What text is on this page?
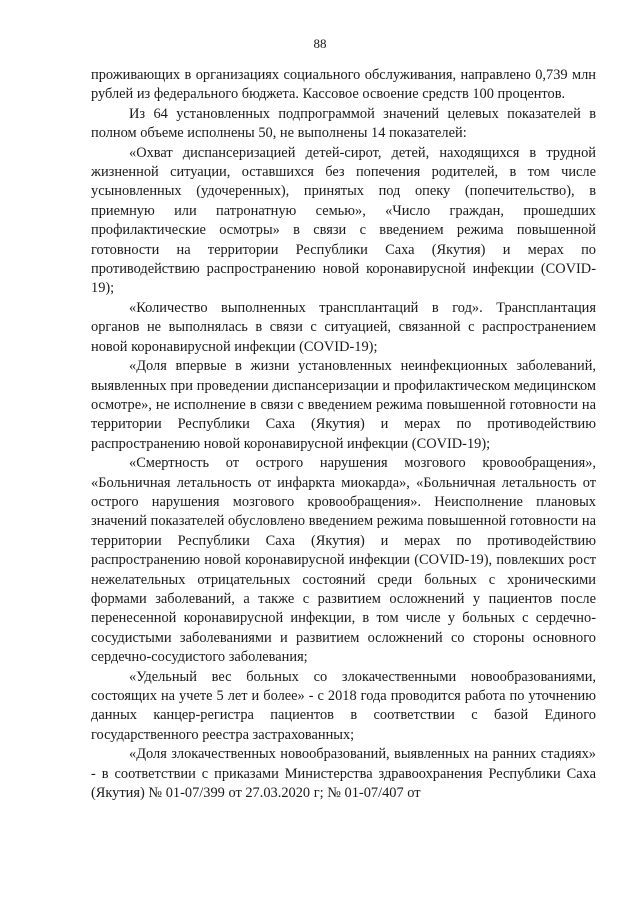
88

проживающих в организациях социального обслуживания, направлено 0,739 млн рублей из федерального бюджета. Кассовое освоение средств 100 процентов.

Из 64 установленных подпрограммой значений целевых показателей в полном объеме исполнены 50, не выполнены 14 показателей:

«Охват диспансеризацией детей-сирот, детей, находящихся в трудной жизненной ситуации, оставшихся без попечения родителей, в том числе усыновленных (удочеренных), принятых под опеку (попечительство), в приемную или патронатную семью», «Число граждан, прошедших профилактические осмотры» в связи с введением режима повышенной готовности на территории Республики Саха (Якутия) и мерах по противодействию распространению новой коронавирусной инфекции (COVID-19);

«Количество выполненных трансплантаций в год». Трансплантация органов не выполнялась в связи с ситуацией, связанной с распространением новой коронавирусной инфекции (COVID-19);

«Доля впервые в жизни установленных неинфекционных заболеваний, выявленных при проведении диспансеризации и профилактическом медицинском осмотре», не исполнение в связи с введением режима повышенной готовности на территории Республики Саха (Якутия) и мерах по противодействию распространению новой коронавирусной инфекции (COVID-19);

«Смертность от острого нарушения мозгового кровообращения», «Больничная летальность от инфаркта миокарда», «Больничная летальность от острого нарушения мозгового кровообращения». Неисполнение плановых значений показателей обусловлено введением режима повышенной готовности на территории Республики Саха (Якутия) и мерах по противодействию распространению новой коронавирусной инфекции (COVID-19), повлекших рост нежелательных отрицательных состояний среди больных с хроническими формами заболеваний, а также с развитием осложнений у пациентов после перенесенной коронавирусной инфекции, в том числе у больных с сердечно-сосудистыми заболеваниями и развитием осложнений со стороны основного сердечно-сосудистого заболевания;

«Удельный вес больных со злокачественными новообразованиями, состоящих на учете 5 лет и более» - с 2018 года проводится работа по уточнению данных канцер-регистра пациентов в соответствии с базой Единого государственного реестра застрахованных;

«Доля злокачественных новообразований, выявленных на ранних стадиях» - в соответствии с приказами Министерства здравоохранения Республики Саха (Якутия) № 01-07/399 от 27.03.2020 г; № 01-07/407 от
